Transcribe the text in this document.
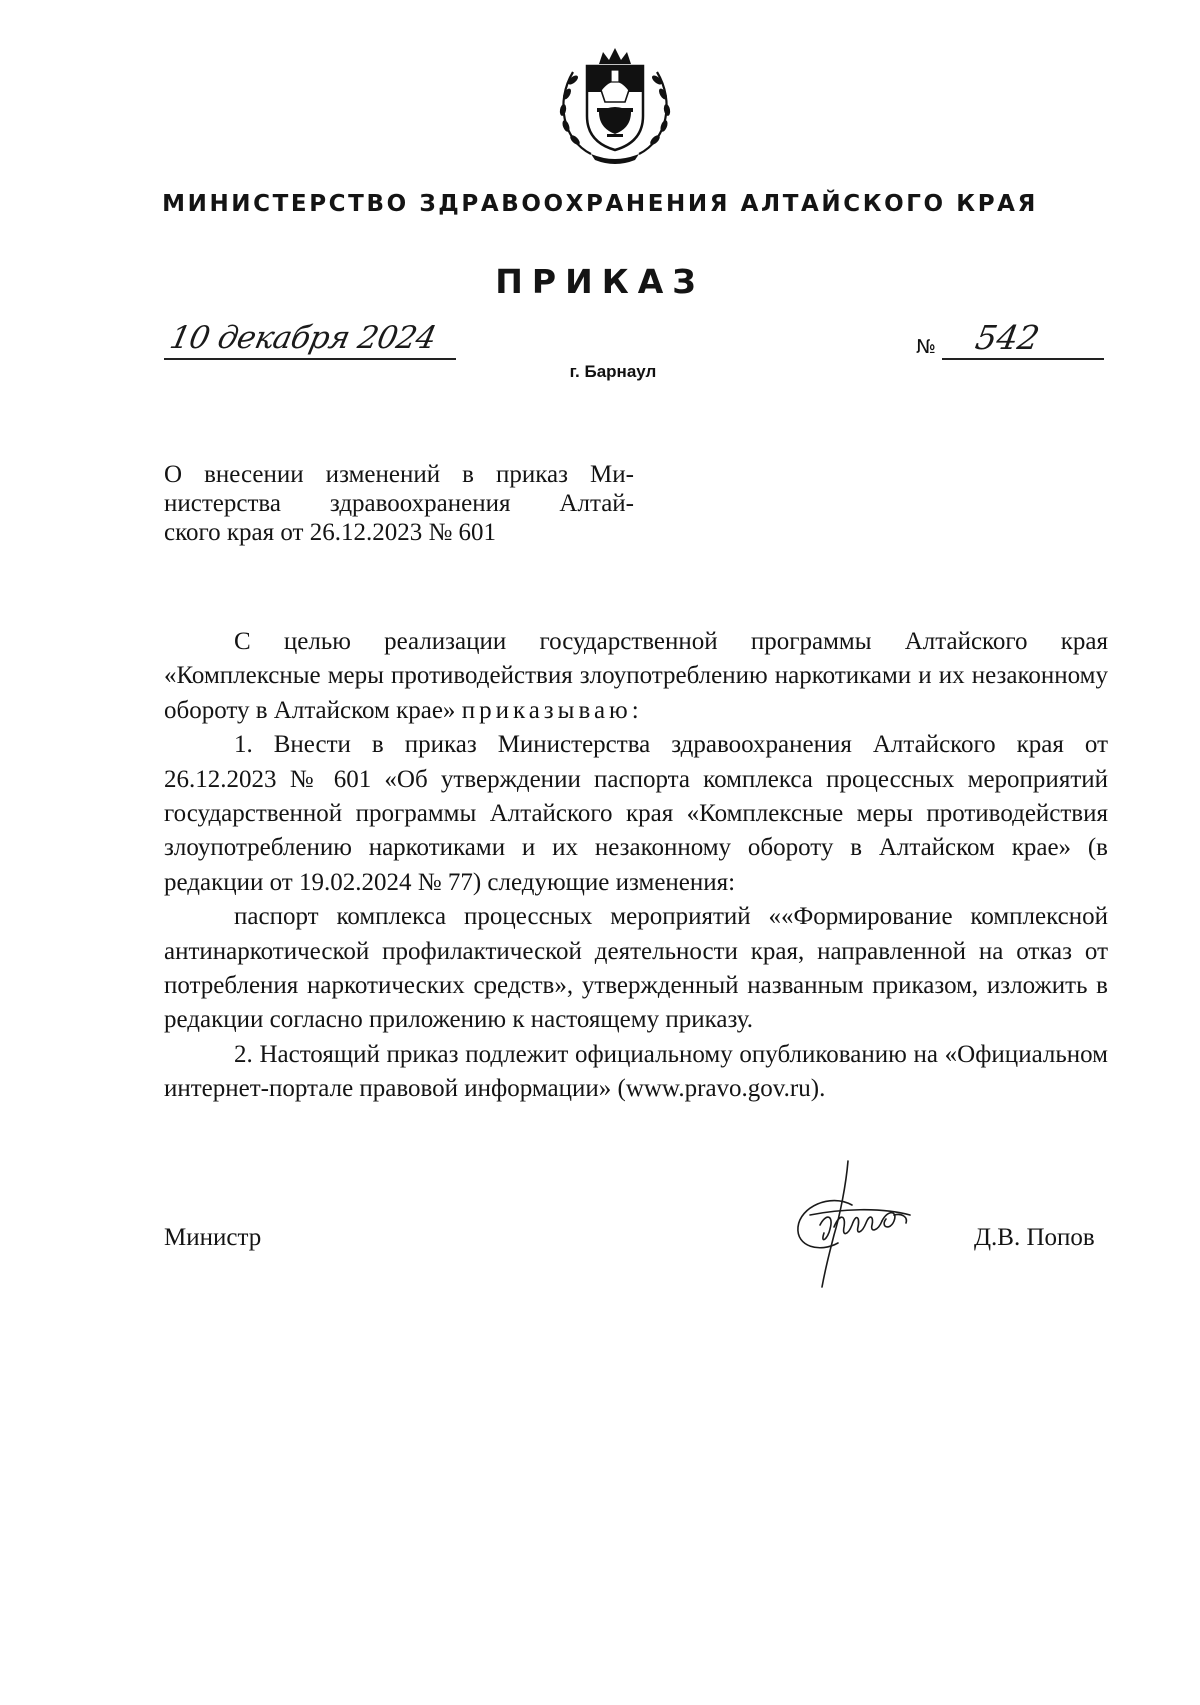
МИНИСТЕРСТВО ЗДРАВООХРАНЕНИЯ АЛТАЙСКОГО КРАЯ
ПРИКАЗ
10 декабря 2024	№ 542
г. Барнаул
О внесении изменений в приказ Ми-
нистерства здравоохранения Алтай-
ского края от 26.12.2023 № 601

С целью реализации государственной программы Алтайского края «Комплексные меры противодействия злоупотреблению наркотиками и их незаконному обороту в Алтайском крае» приказываю:

1. Внести в приказ Министерства здравоохранения Алтайского края от 26.12.2023 № 601 «Об утверждении паспорта комплекса процессных мероприятий государственной программы Алтайского края «Комплексные меры противодействия злоупотреблению наркотиками и их незаконному обороту в Алтайском крае» (в редакции от 19.02.2024 № 77) следующие изменения:

паспорт комплекса процессных мероприятий ««Формирование комплексной антинаркотической профилактической деятельности края, направленной на отказ от потребления наркотических средств», утвержденный названным приказом, изложить в редакции согласно приложению к настоящему приказу.

2. Настоящий приказ подлежит официальному опубликованию на «Официальном интернет-портале правовой информации» (www.pravo.gov.ru).

Министр	Д.В. Попов
